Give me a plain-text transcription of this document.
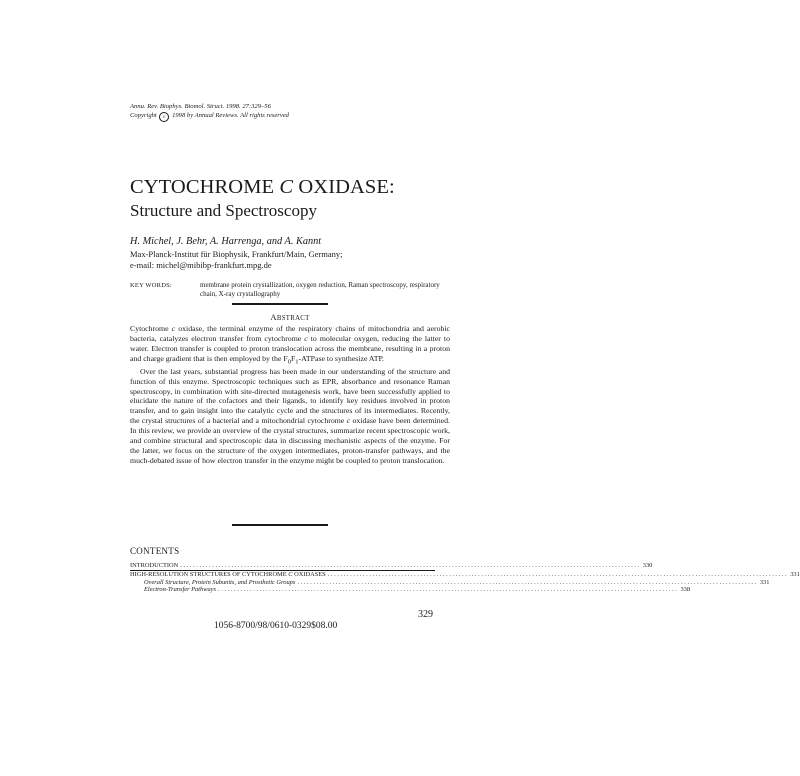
Annu. Rev. Biophys. Biomol. Struct. 1998. 27:329–56
Copyright c 1998 by Annual Reviews. All rights reserved
CYTOCHROME C OXIDASE:
Structure and Spectroscopy
H. Michel, J. Behr, A. Harrenga, and A. Kannt
Max-Planck-Institut für Biophysik, Frankfurt/Main, Germany;
e-mail: michel@mibibp-frankfurt.mpg.de
KEY WORDS:	membrane protein crystallization, oxygen reduction, Raman spectroscopy, respiratory chain, X-ray crystallography
ABSTRACT

Cytochrome c oxidase, the terminal enzyme of the respiratory chains of mitochondria and aerobic bacteria, catalyzes electron transfer from cytochrome c to molecular oxygen, reducing the latter to water. Electron transfer is coupled to proton translocation across the membrane, resulting in a proton and charge gradient that is then employed by the $F_0F_1$-ATPase to synthesize ATP.

Over the last years, substantial progress has been made in our understanding of the structure and function of this enzyme. Spectroscopic techniques such as EPR, absorbance and resonance Raman spectroscopy, in combination with site-directed mutagenesis work, have been successfully applied to elucidate the nature of the cofactors and their ligands, to identify key residues involved in proton transfer, and to gain insight into the catalytic cycle and the structures of its intermediates. Recently, the crystal structures of a bacterial and a mitochondrial cytochrome c oxidase have been determined. In this review, we provide an overview of the crystal structures, summarize recent spectroscopic work, and combine structural and spectroscopic data in discussing mechanistic aspects of the enzyme. For the latter, we focus on the structure of the oxygen intermediates, proton-transfer pathways, and the much-debated issue of how electron transfer in the enzyme might be coupled to proton translocation.

CONTENTS
INTRODUCTION ................................................................................................................................................ 330
HIGH-RESOLUTION STRUCTURES OF CYTOCHROME C OXIDASES ................................................................................................................................................ 331
Overall Structure, Protein Subunits, and Prosthetic Groups ................................................................................................................................................ 331
Electron-Transfer Pathways ................................................................................................................................................ 338
329
1056-8700/98/0610-0329$08.00
